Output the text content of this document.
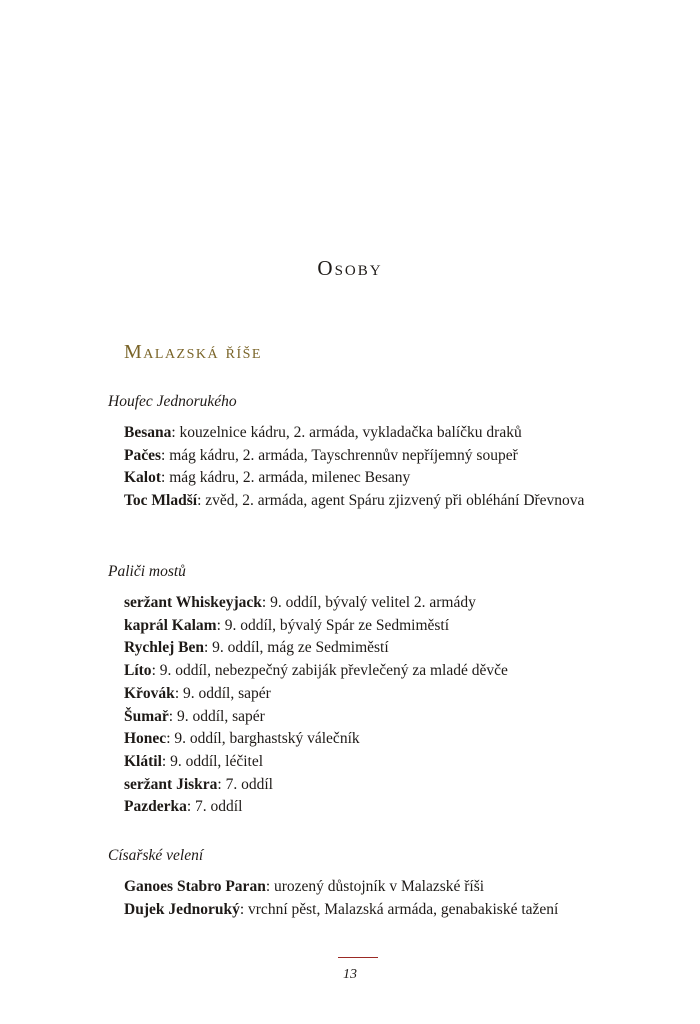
Osoby
Malazská říše
Houfec Jednorukého

Besana: kouzelnice kádru, 2. armáda, vykladačka balíčku draků

Pačes: mág kádru, 2. armáda, Tayschrennův nepříjemný soupeř

Kalot: mág kádru, 2. armáda, milenec Besany

Toc Mladší: zvěd, 2. armáda, agent Spáru zjizvený při obléhání Dřevnova

Paliči mostů

seržant Whiskeyjack: 9. oddíl, bývalý velitel 2. armády

kaprál Kalam: 9. oddíl, bývalý Spár ze Sedmiměstí

Rychlej Ben: 9. oddíl, mág ze Sedmiměstí

Líto: 9. oddíl, nebezpečný zabiják převlečený za mladé děvče

Křovák: 9. oddíl, sapér

Šumař: 9. oddíl, sapér

Honec: 9. oddíl, barghastský válečník

Klátil: 9. oddíl, léčitel

seržant Jiskra: 7. oddíl

Pazderka: 7. oddíl

Císařské velení

Ganoes Stabro Paran: urozený důstojník v Malazské říši

Dujek Jednoruký: vrchní pěst, Malazská armáda, genabakiské tažení

13
